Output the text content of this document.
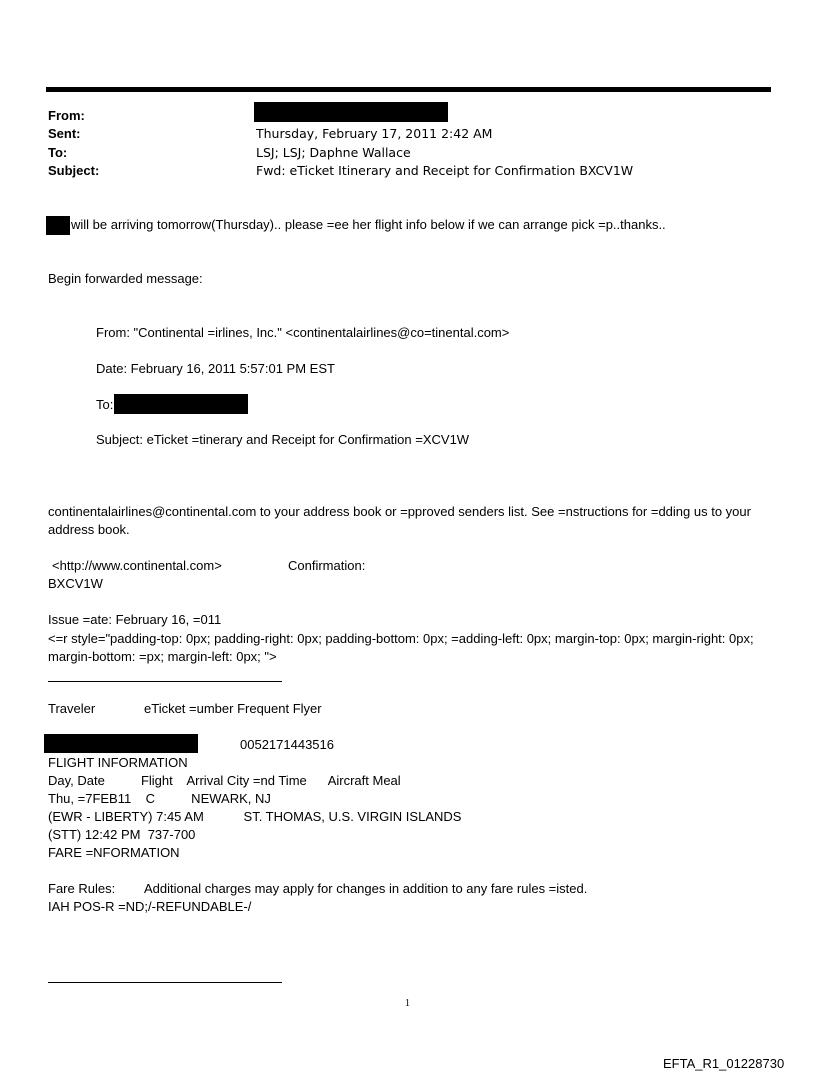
From:
Sent:	Thursday, February 17, 2011 2:42 AM
To:	LSJ; LSJ; Daphne Wallace
Subject:	Fwd: eTicket Itinerary and Receipt for Confirmation BXCV1W
will be arriving tomorrow(Thursday).. please =ee her flight info below if we can arrange pick =p..thanks..
Begin forwarded message:
From: "Continental =irlines, Inc." <continentalairlines@co=tinental.com>
Date: February 16, 2011 5:57:01 PM EST
To:
Subject: eTicket =tinerary and Receipt for Confirmation =XCV1W
continentalairlines@continental.com to your address book or =pproved senders list. See =nstructions for =dding us to your address book.
<http://www.continental.com>	Confirmation:
BXCV1W
Issue =ate: February 16, =011
<=r style="padding-top: 0px; padding-right: 0px; padding-bottom: 0px; =adding-left: 0px; margin-top: 0px; margin-right: 0px; margin-bottom: =px; margin-left: 0px; ">
Traveler	eTicket =umber Frequent Flyer
0052171443516
FLIGHT INFORMATION
Day, Date          Flight    Arrival City =nd Time      Aircraft Meal
Thu, =7FEB11    C          NEWARK, NJ
(EWR - LIBERTY) 7:45 AM           ST. THOMAS, U.S. VIRGIN ISLANDS
(STT) 12:42 PM  737-700
FARE =NFORMATION
Fare Rules: Additional charges may apply for changes in addition to any fare rules =isted.
IAH POS-R =ND;/-REFUNDABLE-/
1
EFTA_R1_01228730
